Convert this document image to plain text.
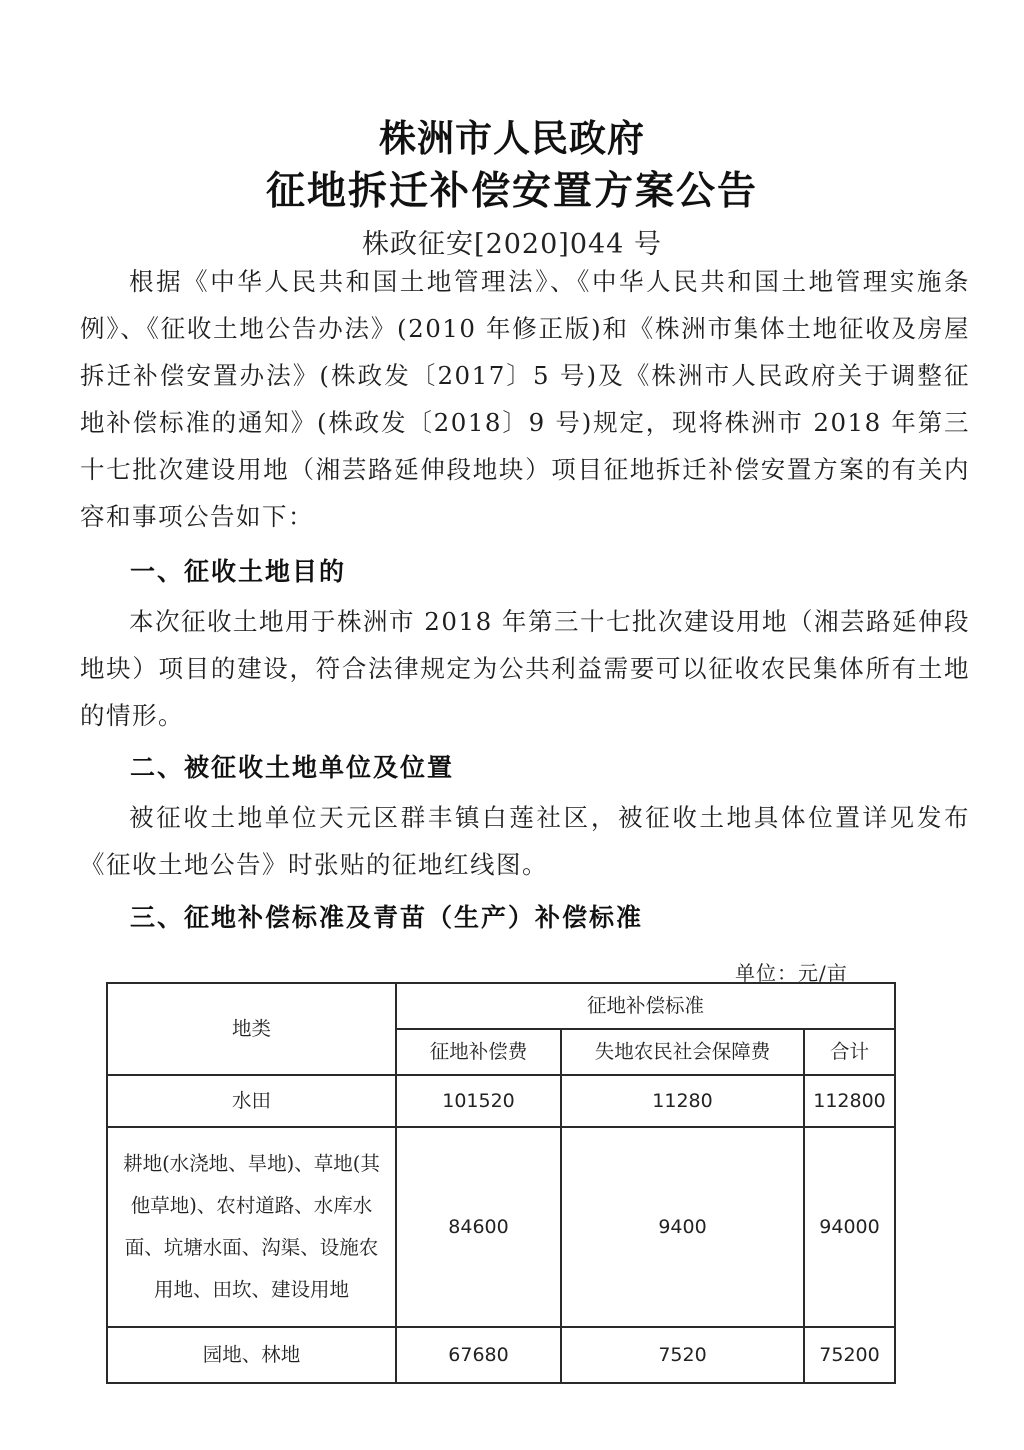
株洲市人民政府
征地拆迁补偿安置方案公告
株政征安[2020]044 号

根据《中华人民共和国土地管理法》、《中华人民共和国土地管理实施条例》、《征收土地公告办法》(2010 年修正版)和《株洲市集体土地征收及房屋拆迁补偿安置办法》(株政发〔2017〕5 号)及《株洲市人民政府关于调整征地补偿标准的通知》(株政发〔2018〕9 号)规定，现将株洲市 2018 年第三十七批次建设用地（湘芸路延伸段地块）项目征地拆迁补偿安置方案的有关内容和事项公告如下：

一、征收土地目的

本次征收土地用于株洲市 2018 年第三十七批次建设用地（湘芸路延伸段地块）项目的建设，符合法律规定为公共利益需要可以征收农民集体所有土地的情形。

二、被征收土地单位及位置

被征收土地单位天元区群丰镇白莲社区，被征收土地具体位置详见发布《征收土地公告》时张贴的征地红线图。

三、征地补偿标准及青苗（生产）补偿标准
单位：元/亩
地类	征地补偿标准		
	征地补偿费	失地农民社会保障费	合计
水田	101520	11280	112800
耕地(水浇地、旱地)、草地(其他草地)、农村道路、水库水面、坑塘水面、沟渠、设施农用地、田坎、建设用地	84600	9400	94000
园地、林地	67680	7520	75200
